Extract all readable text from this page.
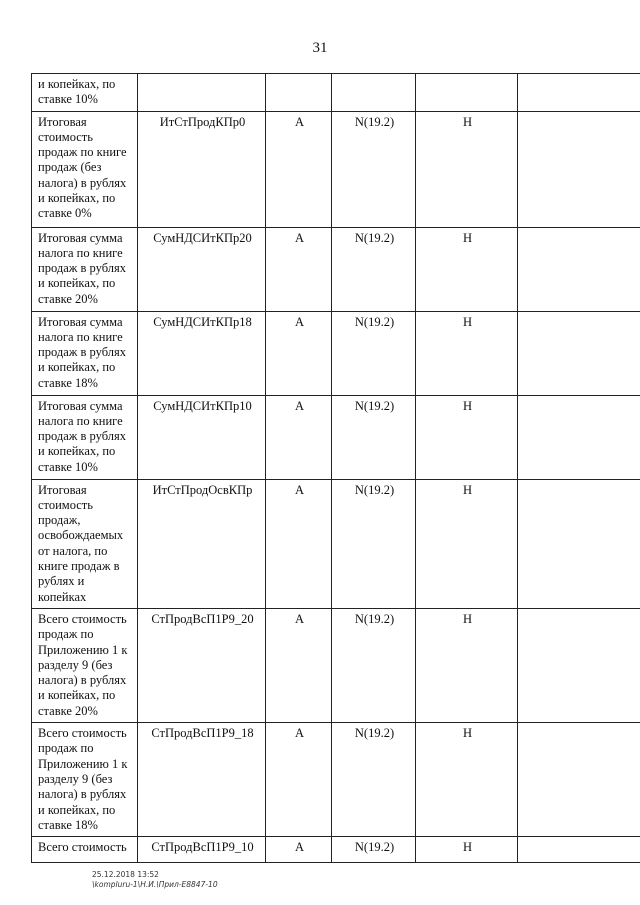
31
и копейках, по ставке 10%					
Итоговая стоимость продаж по книге продаж (без налога) в рублях и копейках, по ставке 0%	ИтСтПродКПр0	А	N(19.2)	Н	
Итоговая сумма налога по книге продаж в рублях и копейках, по ставке 20%	СумНДСИтКПр20	А	N(19.2)	Н	
Итоговая сумма налога по книге продаж в рублях и копейках, по ставке 18%	СумНДСИтКПр18	А	N(19.2)	Н	
Итоговая сумма налога по книге продаж в рублях и копейках, по ставке 10%	СумНДСИтКПр10	А	N(19.2)	Н	
Итоговая стоимость продаж, освобождаемых от налога, по книге продаж в рублях и копейках	ИтСтПродОсвКПр	А	N(19.2)	Н	
Всего стоимость продаж по Приложению 1 к разделу 9 (без налога) в рублях и копейках, по ставке 20%	СтПродВсП1Р9_20	А	N(19.2)	Н	
Всего стоимость продаж по Приложению 1 к разделу 9 (без налога) в рублях и копейках, по ставке 18%	СтПродВсП1Р9_18	А	N(19.2)	Н	
Всего стоимость	СтПродВсП1Р9_10	А	N(19.2)	Н	
25.12.2018 13:52
\kompluru-1\Н.И.\Прил-Е8847-10
